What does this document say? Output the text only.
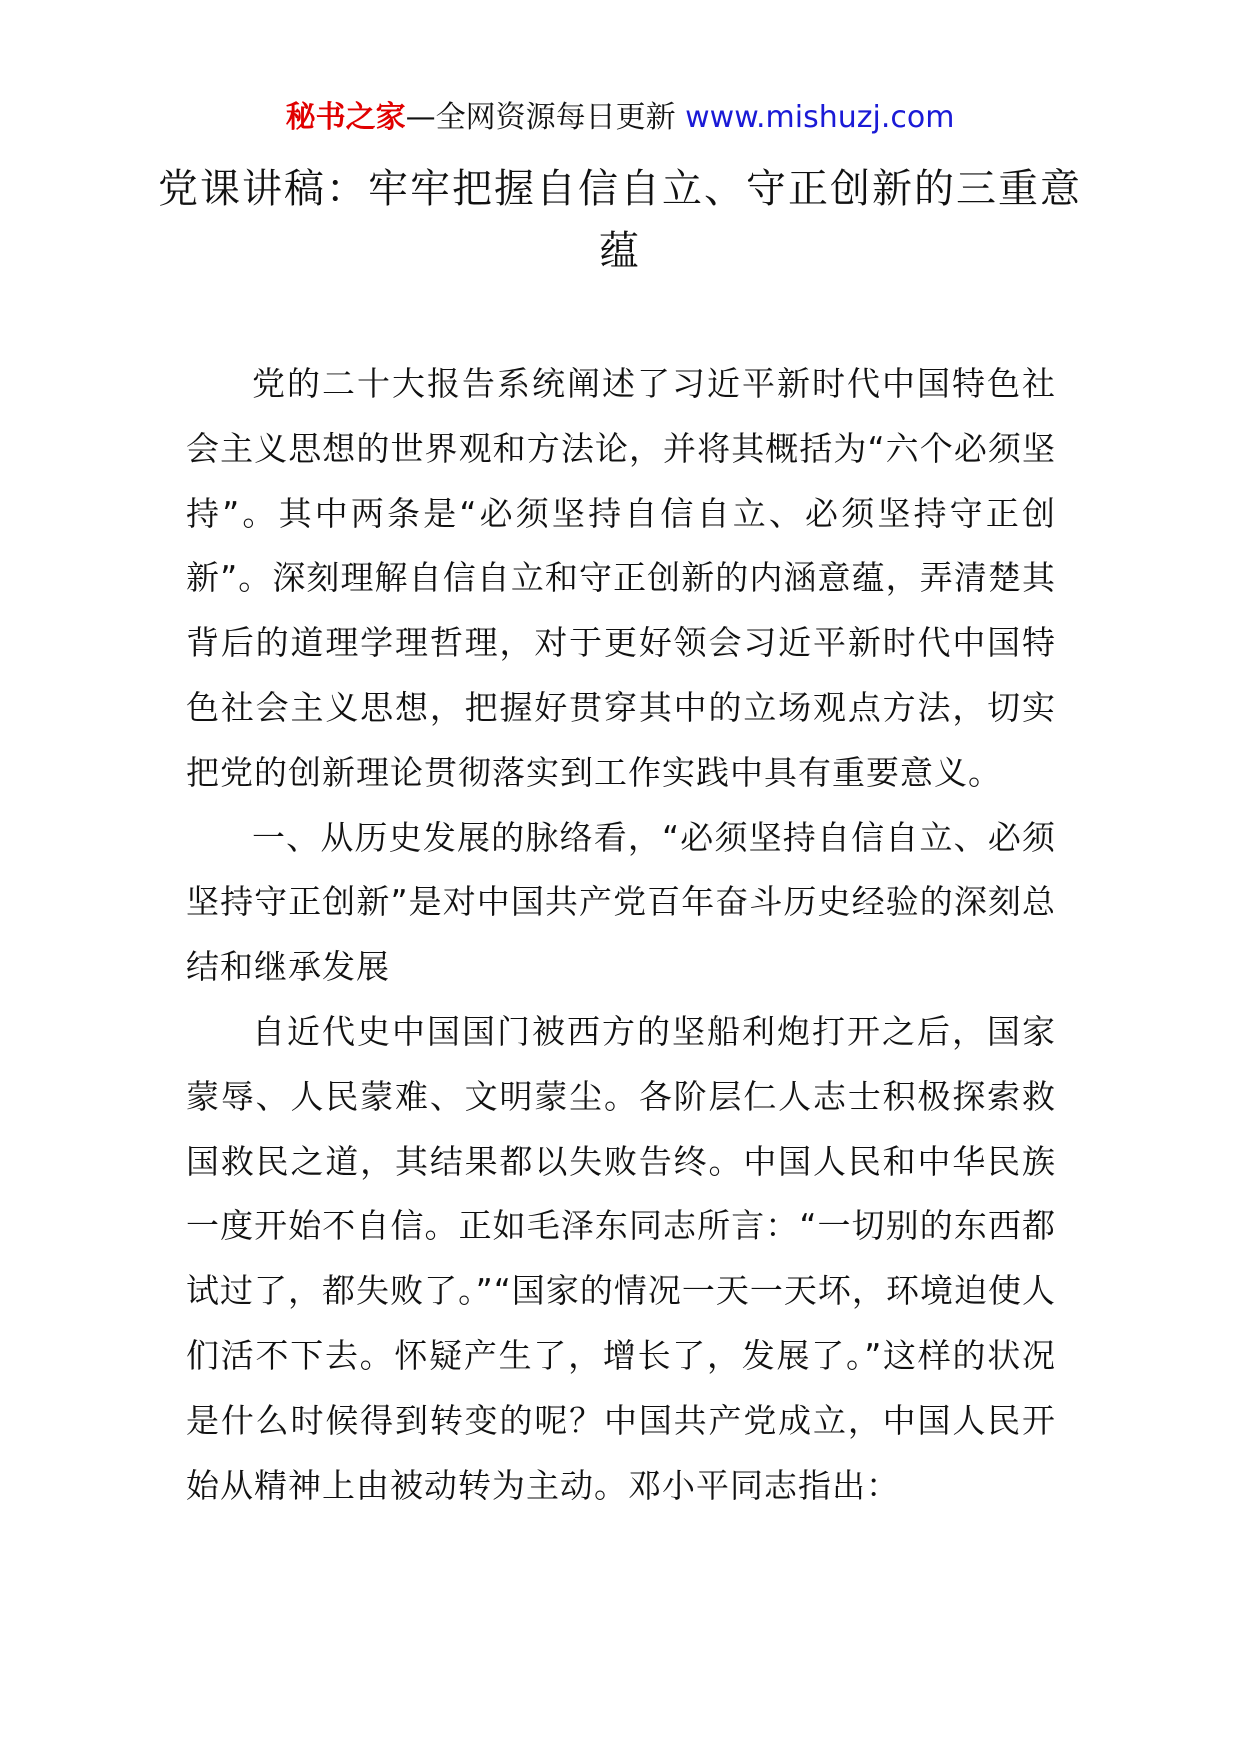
秘书之家—全网资源每日更新 www.mishuzj.com
党课讲稿：牢牢把握自信自立、守正创新的三重意蕴

党的二十大报告系统阐述了习近平新时代中国特色社会主义思想的世界观和方法论，并将其概括为“六个必须坚持”。其中两条是“必须坚持自信自立、必须坚持守正创新”。深刻理解自信自立和守正创新的内涵意蕴，弄清楚其背后的道理学理哲理，对于更好领会习近平新时代中国特色社会主义思想，把握好贯穿其中的立场观点方法，切实把党的创新理论贯彻落实到工作实践中具有重要意义。

一、从历史发展的脉络看，“必须坚持自信自立、必须坚持守正创新”是对中国共产党百年奋斗历史经验的深刻总结和继承发展

自近代史中国国门被西方的坚船利炮打开之后，国家蒙辱、人民蒙难、文明蒙尘。各阶层仁人志士积极探索救国救民之道，其结果都以失败告终。中国人民和中华民族一度开始不自信。正如毛泽东同志所言：“一切别的东西都试过了，都失败了。”“国家的情况一天一天坏，环境迫使人们活不下去。怀疑产生了，增长了，发展了。”这样的状况是什么时候得到转变的呢？中国共产党成立，中国人民开始从精神上由被动转为主动。邓小平同志指出：
